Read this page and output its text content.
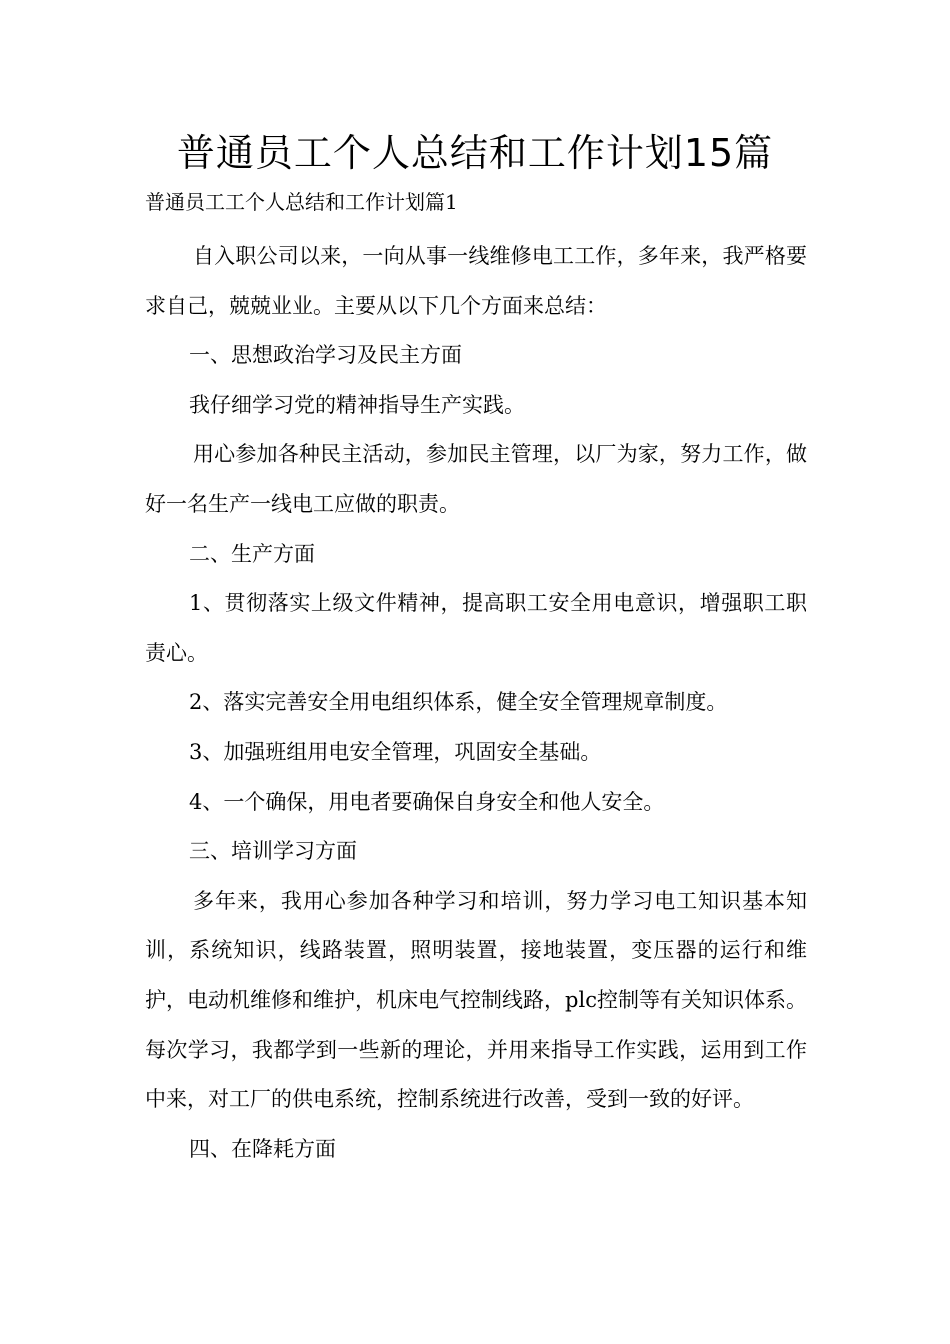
普通员工个人总结和工作计划15篇

普通员工工个人总结和工作计划篇1

自入职公司以来，一向从事一线维修电工工作，多年来，我严格要求自己，兢兢业业。主要从以下几个方面来总结：

一、思想政治学习及民主方面

我仔细学习党的精神指导生产实践。

用心参加各种民主活动，参加民主管理，以厂为家，努力工作，做好一名生产一线电工应做的职责。

二、生产方面

1、贯彻落实上级文件精神，提高职工安全用电意识，增强职工职责心。

2、落实完善安全用电组织体系，健全安全管理规章制度。

3、加强班组用电安全管理，巩固安全基础。

4、一个确保，用电者要确保自身安全和他人安全。

三、培训学习方面

多年来，我用心参加各种学习和培训，努力学习电工知识基本知训，系统知识，线路装置，照明装置，接地装置，变压器的运行和维护，电动机维修和维护，机床电气控制线路，plc控制等有关知识体系。每次学习，我都学到一些新的理论，并用来指导工作实践，运用到工作中来，对工厂的供电系统，控制系统进行改善，受到一致的好评。

四、在降耗方面
